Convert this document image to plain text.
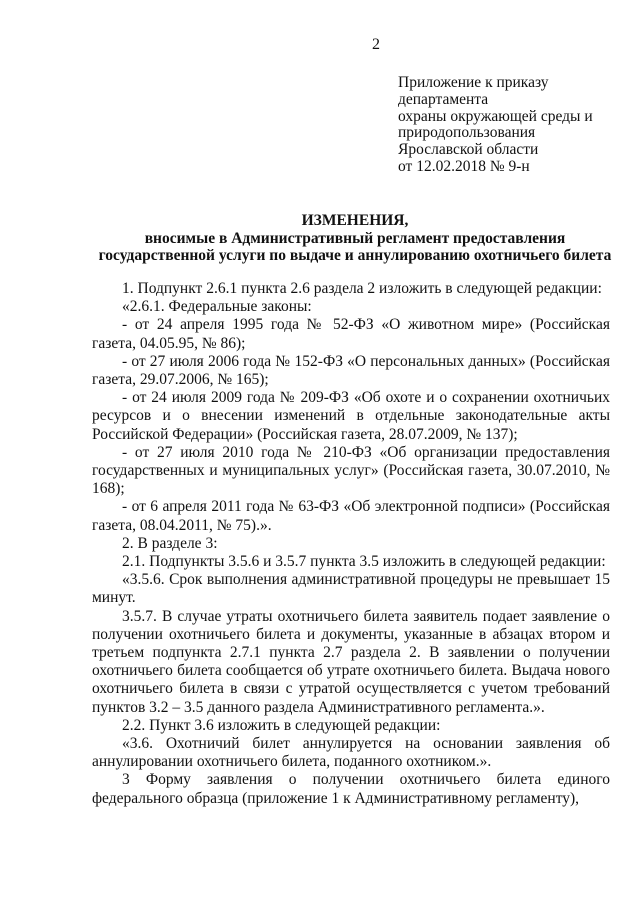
2
Приложение к приказу
департамента
охраны окружающей среды и
природопользования
Ярославской области
от 12.02.2018 № 9-н
ИЗМЕНЕНИЯ,
вносимые в Административный регламент предоставления
государственной услуги по выдаче и аннулированию охотничьего билета

1. Подпункт 2.6.1 пункта 2.6 раздела 2 изложить в следующей редакции:

«2.6.1. Федеральные законы:

- от 24 апреля 1995 года № 52-ФЗ «О животном мире» (Российская газета, 04.05.95, № 86);

- от 27 июля 2006 года № 152-ФЗ «О персональных данных» (Российская газета, 29.07.2006, № 165);

- от 24 июля 2009 года № 209-ФЗ «Об охоте и о сохранении охотничьих ресурсов и о внесении изменений в отдельные законодательные акты Российской Федерации» (Российская газета, 28.07.2009, № 137);

- от 27 июля 2010 года № 210-ФЗ «Об организации предоставления государственных и муниципальных услуг» (Российская газета, 30.07.2010, № 168);

- от 6 апреля 2011 года № 63-ФЗ «Об электронной подписи» (Российская газета, 08.04.2011, № 75).».

2. В разделе 3:

2.1. Подпункты 3.5.6 и 3.5.7 пункта 3.5 изложить в следующей редакции:

«3.5.6. Срок выполнения административной процедуры не превышает 15 минут.

3.5.7. В случае утраты охотничьего билета заявитель подает заявление о получении охотничьего билета и документы, указанные в абзацах втором и третьем подпункта 2.7.1 пункта 2.7 раздела 2. В заявлении о получении охотничьего билета сообщается об утрате охотничьего билета. Выдача нового охотничьего билета в связи с утратой осуществляется с учетом требований пунктов 3.2 – 3.5 данного раздела Административного регламента.».

2.2. Пункт 3.6 изложить в следующей редакции:

«3.6. Охотничий билет аннулируется на основании заявления об аннулировании охотничьего билета, поданного охотником.».

3 Форму заявления о получении охотничьего билета единого федерального образца (приложение 1 к Административному регламенту),
